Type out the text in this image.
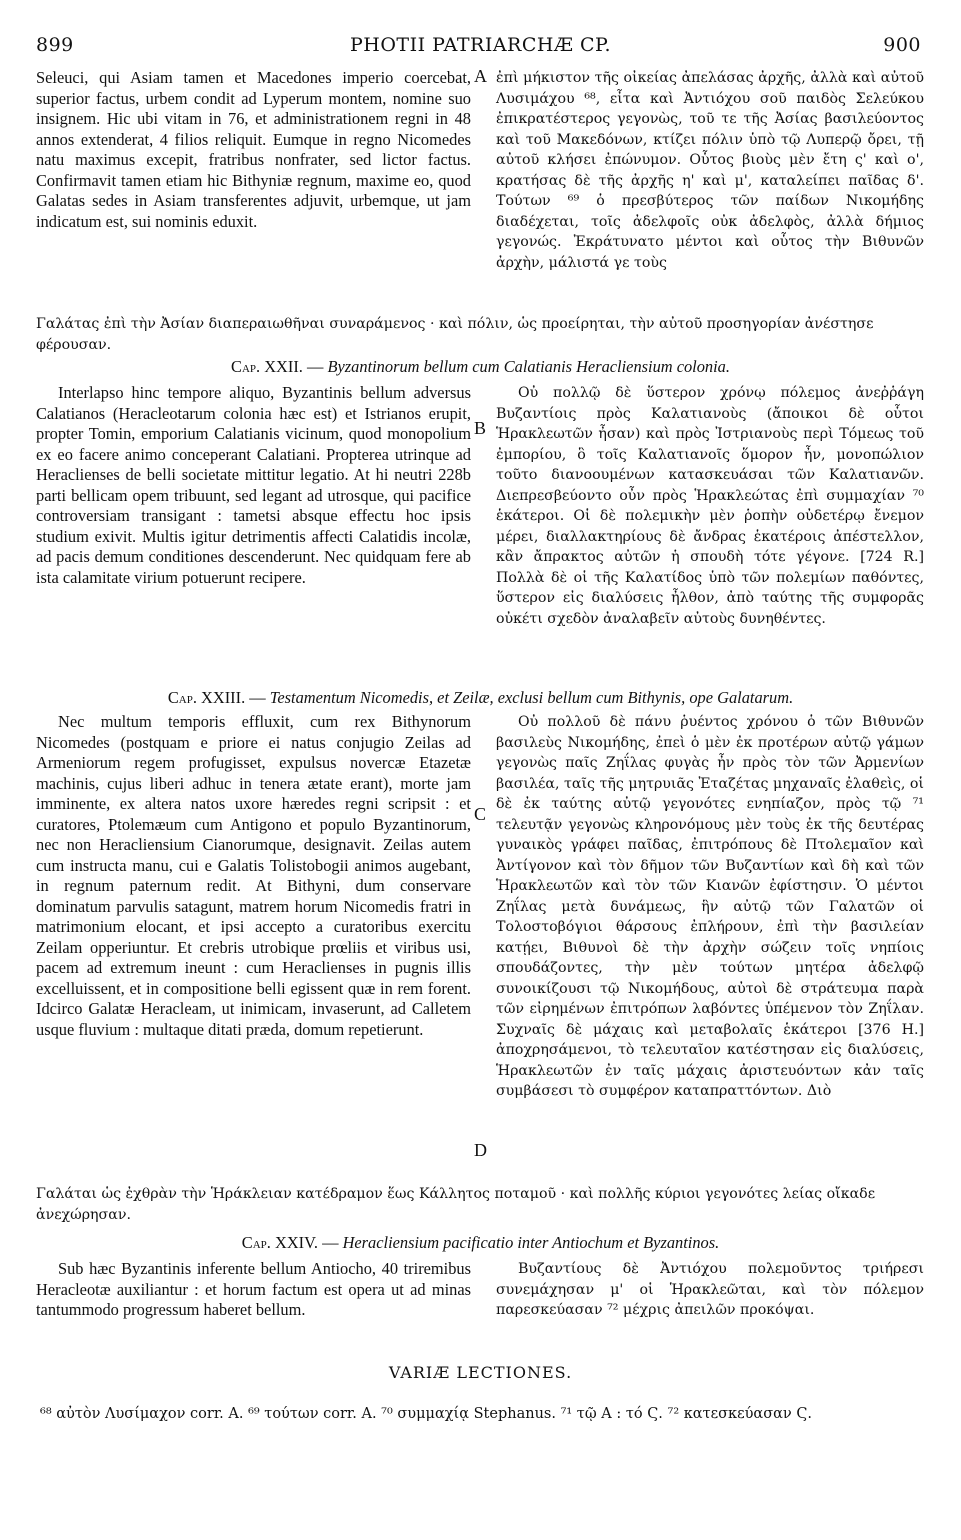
899	PHOTII PATRIARCHÆ CP.	900

Seleuci, qui Asiam tamen et Macedones imperio coercebat, superior factus, urbem condit ad Lyperum montem, nomine suo insignem. Hic ubi vitam in 76, et administrationem regni in 48 annos extenderat, 4 filios reliquit. Eumque in regno Nicomedes natu maximus excepit, fratribus nonfrater, sed lictor factus. Confirmavit tamen etiam hic Bithyniæ regnum, maxime eo, quod Galatas sedes in Asiam transferentes adjuvit, urbemque, ut jam indicatum est, sui nominis eduxit.

ἐπὶ μήκιστον τῆς οἰκείας ἀπελάσας ἀρχῆς, ἀλλὰ καὶ αὐτοῦ Λυσιμάχου ⁶⁸, εἶτα καὶ Ἀντιόχου σοῦ παιδὸς Σελεύκου ἐπικρατέστερος γεγονὼς, τοῦ τε τῆς Ἀσίας βασιλεύοντος καὶ τοῦ Μακεδόνων, κτίζει πόλιν ὑπὸ τῷ Λυπερῷ ὄρει, τῇ αὐτοῦ κλήσει ἐπώνυμον. Οὗτος βιοὺς μὲν ἔτη ς' καὶ ο', κρατήσας δὲ τῆς ἀρχῆς η' καὶ μ', καταλείπει παῖδας δ'. Τούτων ⁶⁹ ὁ πρεσβύτερος τῶν παίδων Νικομήδης διαδέχεται, τοῖς ἀδελφοῖς οὐκ ἀδελφὸς, ἀλλὰ δήμιος γεγονώς. Ἐκράτυνατο μέντοι καὶ οὗτος τὴν Βιθυνῶν ἀρχὴν, μάλιστά γε τοὺς

Γαλάτας ἐπὶ τὴν Ἀσίαν διαπεραιωθῆναι συναράμενος · καὶ πόλιν, ὡς προείρηται, τὴν αὐτοῦ προσηγορίαν ἀνέστησε φέρουσαν.
A
Cap. XXII. — Byzantinorum bellum cum Calatianis Heracliensium colonia.

Interlapso hinc tempore aliquo, Byzantinis bellum adversus Calatianos (Heracleotarum colonia hæc est) et Istrianos erupit, propter Tomin, emporium Calatianis vicinum, quod monopolium ex eo facere animo conceperant Calatiani. Propterea utrinque ad Heraclienses de belli societate mittitur legatio. At hi neutri 228b parti bellicam opem tribuunt, sed legant ad utrosque, qui pacifice controversiam transigant : tametsi absque effectu hoc ipsis studium exivit. Multis igitur detrimentis affecti Calatidis incolæ, ad pacis demum conditiones descenderunt. Nec quidquam fere ab ista calamitate virium potuerunt recipere.

Οὐ πολλῷ δὲ ὕστερον χρόνῳ πόλεμος ἀνεῤῥάγη Βυζαντίοις πρὸς Καλατιανοὺς (ἄποικοι δὲ οὗτοι Ἡρακλεωτῶν ἦσαν) καὶ πρὸς Ἰστριανοὺς περὶ Τόμεως τοῦ ἐμπορίου, ὃ τοῖς Καλατιανοῖς ὅμορον ἦν, μονοπώλιον τοῦτο διανοουμένων κατασκευάσαι τῶν Καλατιανῶν. Διεπρεσβεύοντο οὖν πρὸς Ἡρακλεώτας ἐπὶ συμμαχίαν ⁷⁰ ἑκάτεροι. Οἱ δὲ πολεμικὴν μὲν ῥοπὴν οὐδετέρῳ ἔνεμον μέρει, διαλλακτηρίους δὲ ἄνδρας ἑκατέροις ἀπέστελλον, κἂν ἄπρακτος αὐτῶν ἡ σπουδὴ τότε γέγονε. [724 R.] Πολλὰ δὲ οἱ τῆς Καλατίδος ὑπὸ τῶν πολεμίων παθόντες, ὕστερον εἰς διαλύσεις ἦλθον, ἀπὸ ταύτης τῆς συμφορᾶς οὐκέτι σχεδὸν ἀναλαβεῖν αὐτοὺς δυνηθέντες.

B
Cap. XXIII. — Testamentum Nicomedis, et Zeilæ, exclusi bellum cum Bithynis, ope Galatarum.

Nec multum temporis effluxit, cum rex Bithynorum Nicomedes (postquam e priore ei natus conjugio Zeilas ad Armeniorum regem profugisset, expulsus novercæ Etazetæ machinis, cujus liberi adhuc in tenera ætate erant), morte jam imminente, ex altera natos uxore hæredes regni scripsit : et curatores, Ptolemæum cum Antigono et populo Byzantinorum, nec non Heracliensium Cianorumque, designavit. Zeilas autem cum instructa manu, cui e Galatis Tolistobogii animos augebant, in regnum paternum redit. At Bithyni, dum conservare dominatum parvulis satagunt, matrem horum Nicomedis fratri in matrimonium elocant, et ipsi accepto a curatoribus exercitu Zeilam opperiuntur. Et crebris utrobique prœliis et viribus usi, pacem ad extremum ineunt : cum Heraclienses in pugnis illis excelluissent, et in compositione belli egissent quæ in rem forent. Idcirco Galatæ Heracleam, ut inimicam, invaserunt, ad Calletem usque fluvium : multaque ditati præda, domum repetierunt.

Οὐ πολλοῦ δὲ πάνυ ῥυέντος χρόνου ὁ τῶν Βιθυνῶν βασιλεὺς Νικομήδης, ἐπεὶ ὁ μὲν ἐκ προτέρων αὐτῷ γάμων γεγονὼς παῖς Ζηΐλας φυγὰς ἦν πρὸς τὸν τῶν Ἀρμενίων βασιλέα, ταῖς τῆς μητρυιᾶς Ἐταζέτας μηχαναῖς ἐλαθεὶς, οἱ δὲ ἐκ ταύτης αὐτῷ γεγονότες ενηπίαζον, πρὸς τῷ ⁷¹ τελευτᾷν γεγονὼς κληρονόμους μὲν τοὺς ἐκ τῆς δευτέρας γυναικὸς γράφει παῖδας, ἐπιτρόπους δὲ Πτολεμαῖον καὶ Ἀντίγονον καὶ τὸν δῆμον τῶν Βυζαντίων καὶ δὴ καὶ τῶν Ἡρακλεωτῶν καὶ τὸν τῶν Κιανῶν ἐφίστησιν. Ὁ μέντοι Ζηΐλας μετὰ δυνάμεως, ἣν αὐτῷ τῶν Γαλατῶν οἱ Τολοστοβόγιοι θάρσους ἐπλήρουν, ἐπὶ τὴν βασιλείαν κατῄει, Βιθυνοὶ δὲ τὴν ἀρχὴν σώζειν τοῖς νηπίοις σπουδάζοντες, τὴν μὲν τούτων μητέρα ἀδελφῷ συνοικίζουσι τῷ Νικομήδους, αὐτοὶ δὲ στράτευμα παρὰ τῶν εἰρημένων ἐπιτρόπων λαβόντες ὑπέμενον τὸν Ζηΐλαν. Συχναῖς δὲ μάχαις καὶ μεταβολαῖς ἑκάτεροι [376 H.] ἀποχρησάμενοι, τὸ τελευταῖον κατέστησαν εἰς διαλύσεις, Ἡρακλεωτῶν ἐν ταῖς μάχαις ἀριστευόντων κἀν ταῖς συμβάσεσι τὸ συμφέρον καταπραττόντων. Διὸ

Γαλάται ὡς ἐχθρὰν τὴν Ἡράκλειαν κατέδραμον ἕως Κάλλητος ποταμοῦ · καὶ πολλῆς κύριοι γεγονότες λείας οἴκαδε ἀνεχώρησαν.
C
D
Cap. XXIV. — Heracliensium pacificatio inter Antiochum et Byzantinos.

Sub hæc Byzantinis inferente bellum Antiocho, 40 triremibus Heracleotæ auxiliantur : et horum factum est opera ut ad minas tantummodo progressum haberet bellum.

Βυζαντίους δὲ Ἀντιόχου πολεμοῦντος τριήρεσι συνεμάχησαν μ' οἱ Ἡρακλεῶται, καὶ τὸν πόλεμον παρεσκεύασαν ⁷² μέχρις ἀπειλῶν προκόψαι.

VARIÆ LECTIONES.
⁶⁸ αὐτὸν Λυσίμαχον corr. A. ⁶⁹ τούτων corr. A. ⁷⁰ συμμαχίᾳ Stephanus. ⁷¹ τῷ A : τό Ϛ. ⁷² κατεσκεύασαν Ϛ.
